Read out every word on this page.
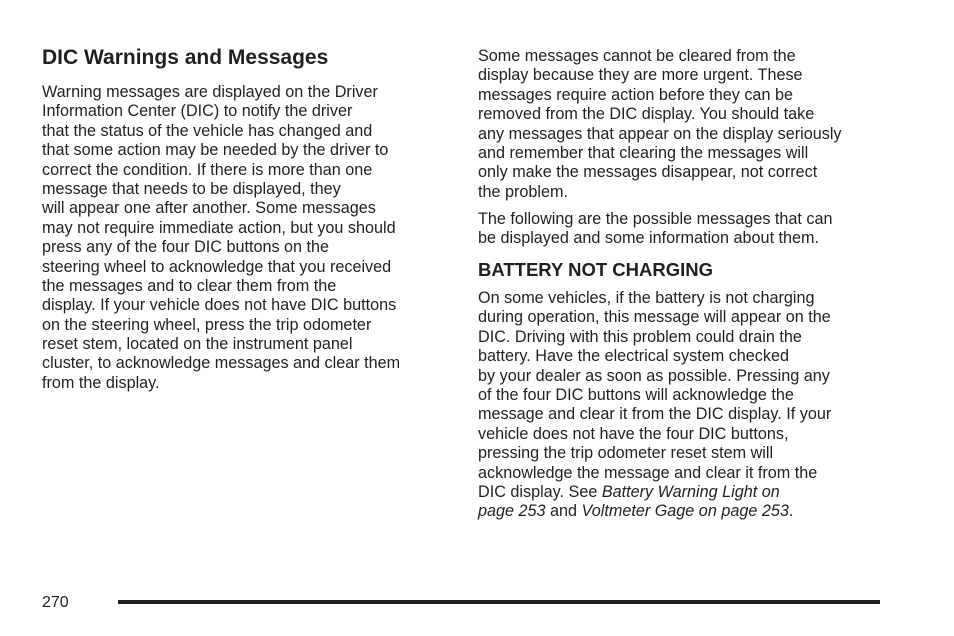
DIC Warnings and Messages
Warning messages are displayed on the Driver
Information Center (DIC) to notify the driver
that the status of the vehicle has changed and
that some action may be needed by the driver to
correct the condition. If there is more than one
message that needs to be displayed, they
will appear one after another. Some messages
may not require immediate action, but you should
press any of the four DIC buttons on the
steering wheel to acknowledge that you received
the messages and to clear them from the
display. If your vehicle does not have DIC buttons
on the steering wheel, press the trip odometer
reset stem, located on the instrument panel
cluster, to acknowledge messages and clear them
from the display.
Some messages cannot be cleared from the
display because they are more urgent. These
messages require action before they can be
removed from the DIC display. You should take
any messages that appear on the display seriously
and remember that clearing the messages will
only make the messages disappear, not correct
the problem.
The following are the possible messages that can
be displayed and some information about them.
BATTERY NOT CHARGING
On some vehicles, if the battery is not charging
during operation, this message will appear on the
DIC. Driving with this problem could drain the
battery. Have the electrical system checked
by your dealer as soon as possible. Pressing any
of the four DIC buttons will acknowledge the
message and clear it from the DIC display. If your
vehicle does not have the four DIC buttons,
pressing the trip odometer reset stem will
acknowledge the message and clear it from the
DIC display. See Battery Warning Light on
page 253 and Voltmeter Gage on page 253.
270
